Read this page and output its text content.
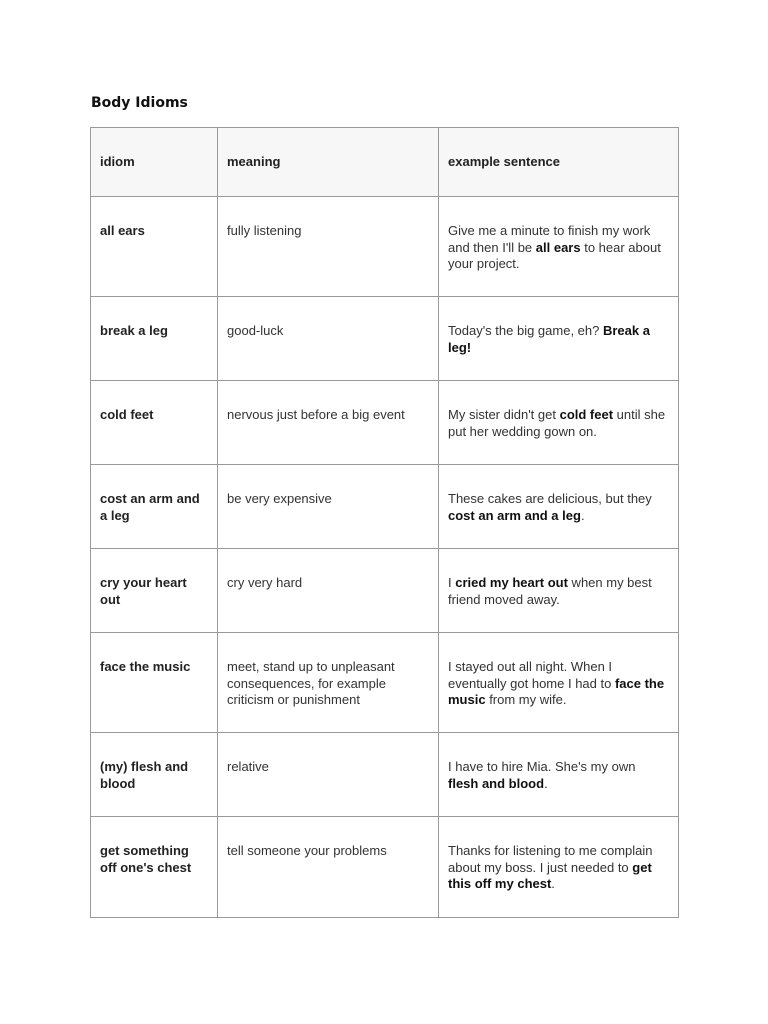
Body Idioms
idiom	meaning	example sentence
all ears	fully listening	Give me a minute to finish my work and then I'll be all ears to hear about your project.
break a leg	good-luck	Today's the big game, eh? Break a leg!
cold feet	nervous just before a big event	My sister didn't get cold feet until she put her wedding gown on.
cost an arm and a leg	be very expensive	These cakes are delicious, but they cost an arm and a leg.
cry your heart out	cry very hard	I cried my heart out when my best friend moved away.
face the music	meet, stand up to unpleasant consequences, for example criticism or punishment	I stayed out all night. When I eventually got home I had to face the music from my wife.
(my) flesh and blood	relative	I have to hire Mia. She's my own flesh and blood.
get something off one's chest	tell someone your problems	Thanks for listening to me complain about my boss. I just needed to get this off my chest.
